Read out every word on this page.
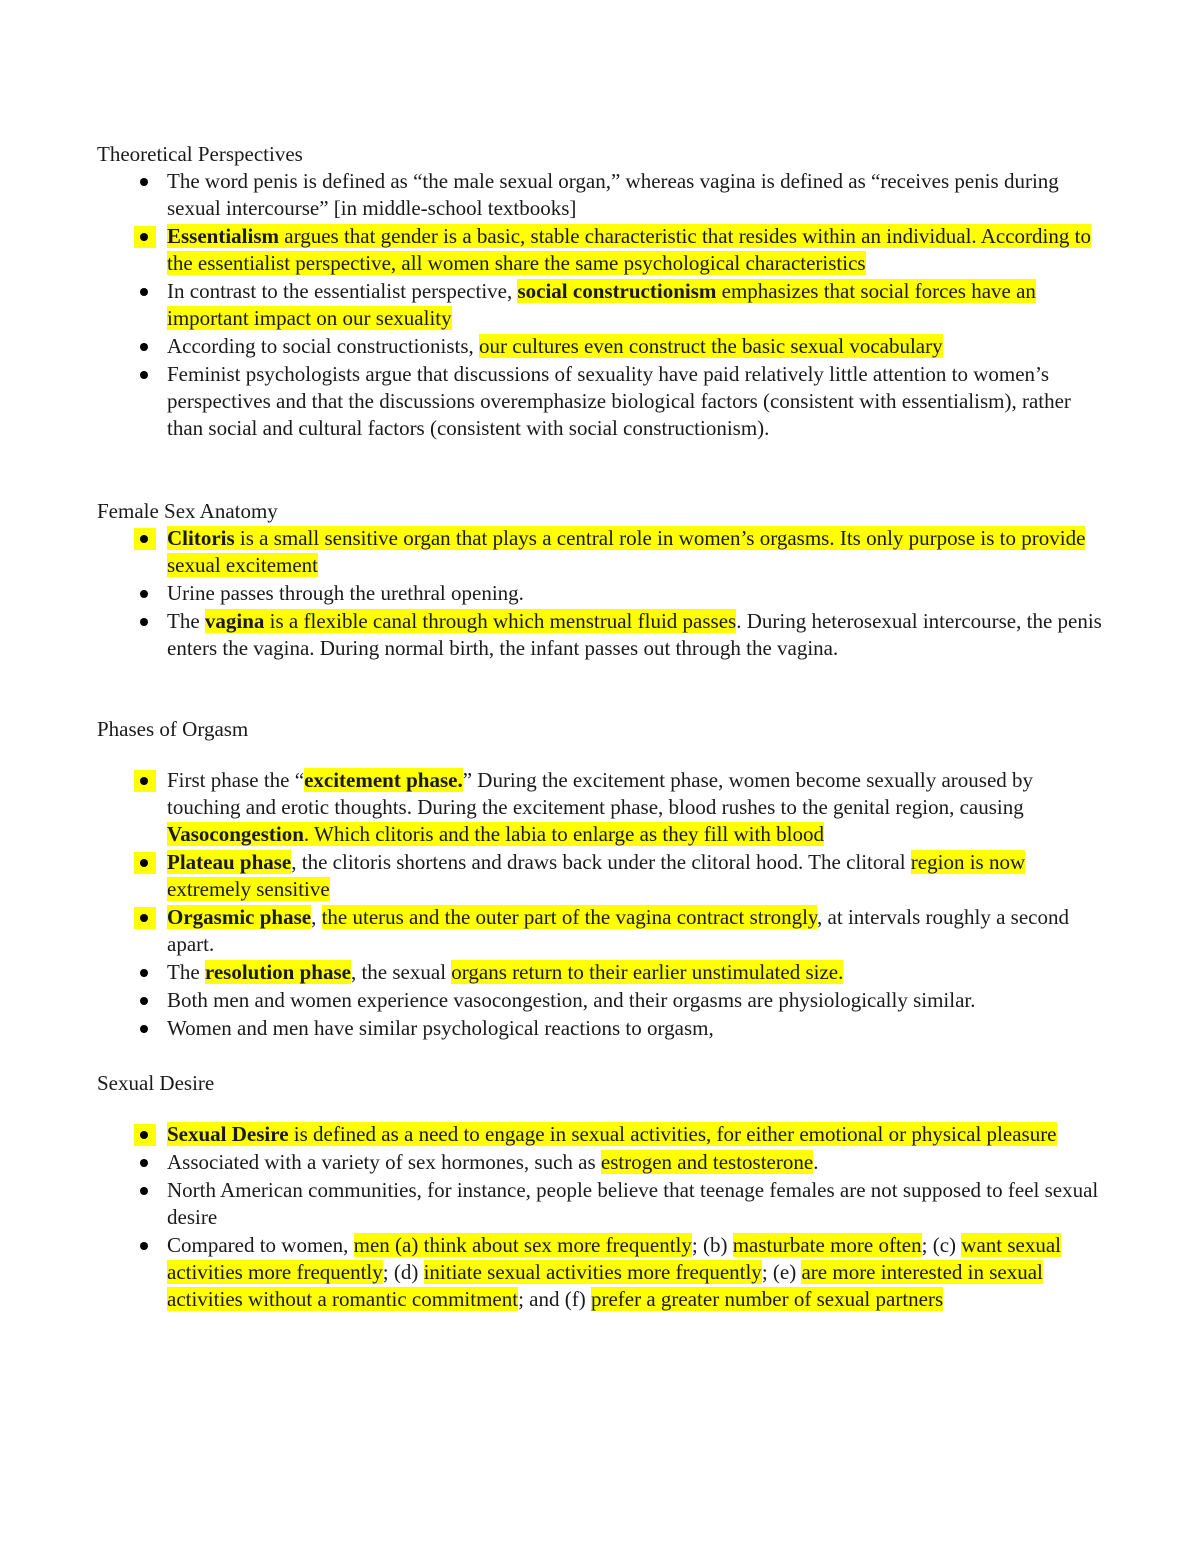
Theoretical Perspectives

The word penis is defined as “the male sexual organ,” whereas vagina is defined as “receives penis during sexual intercourse” [in middle-school textbooks]
Essentialism argues that gender is a basic, stable characteristic that resides within an individual. According to the essentialist perspective, all women share the same psychological characteristics
In contrast to the essentialist perspective, social constructionism emphasizes that social forces have an important impact on our sexuality
According to social constructionists, our cultures even construct the basic sexual vocabulary
Feminist psychologists argue that discussions of sexuality have paid relatively little attention to women’s perspectives and that the discussions overemphasize biological factors (consistent with essentialism), rather than social and cultural factors (consistent with social constructionism).

Female Sex Anatomy

Clitoris is a small sensitive organ that plays a central role in women’s orgasms. Its only purpose is to provide sexual excitement
Urine passes through the urethral opening.
The vagina is a flexible canal through which menstrual fluid passes. During heterosexual intercourse, the penis enters the vagina. During normal birth, the infant passes out through the vagina.

Phases of Orgasm

First phase the “excitement phase.” During the excitement phase, women become sexually aroused by touching and erotic thoughts. During the excitement phase, blood rushes to the genital region, causing Vasocongestion. Which clitoris and the labia to enlarge as they fill with blood
Plateau phase, the clitoris shortens and draws back under the clitoral hood. The clitoral region is now extremely sensitive
Orgasmic phase, the uterus and the outer part of the vagina contract strongly, at intervals roughly a second apart.
The resolution phase, the sexual organs return to their earlier unstimulated size.
Both men and women experience vasocongestion, and their orgasms are physiologically similar.
Women and men have similar psychological reactions to orgasm,

Sexual Desire

Sexual Desire is defined as a need to engage in sexual activities, for either emotional or physical pleasure
Associated with a variety of sex hormones, such as estrogen and testosterone.
North American communities, for instance, people believe that teenage females are not supposed to feel sexual desire
Compared to women, men (a) think about sex more frequently; (b) masturbate more often; (c) want sexual activities more frequently; (d) initiate sexual activities more frequently; (e) are more interested in sexual activities without a romantic commitment; and (f) prefer a greater number of sexual partners
